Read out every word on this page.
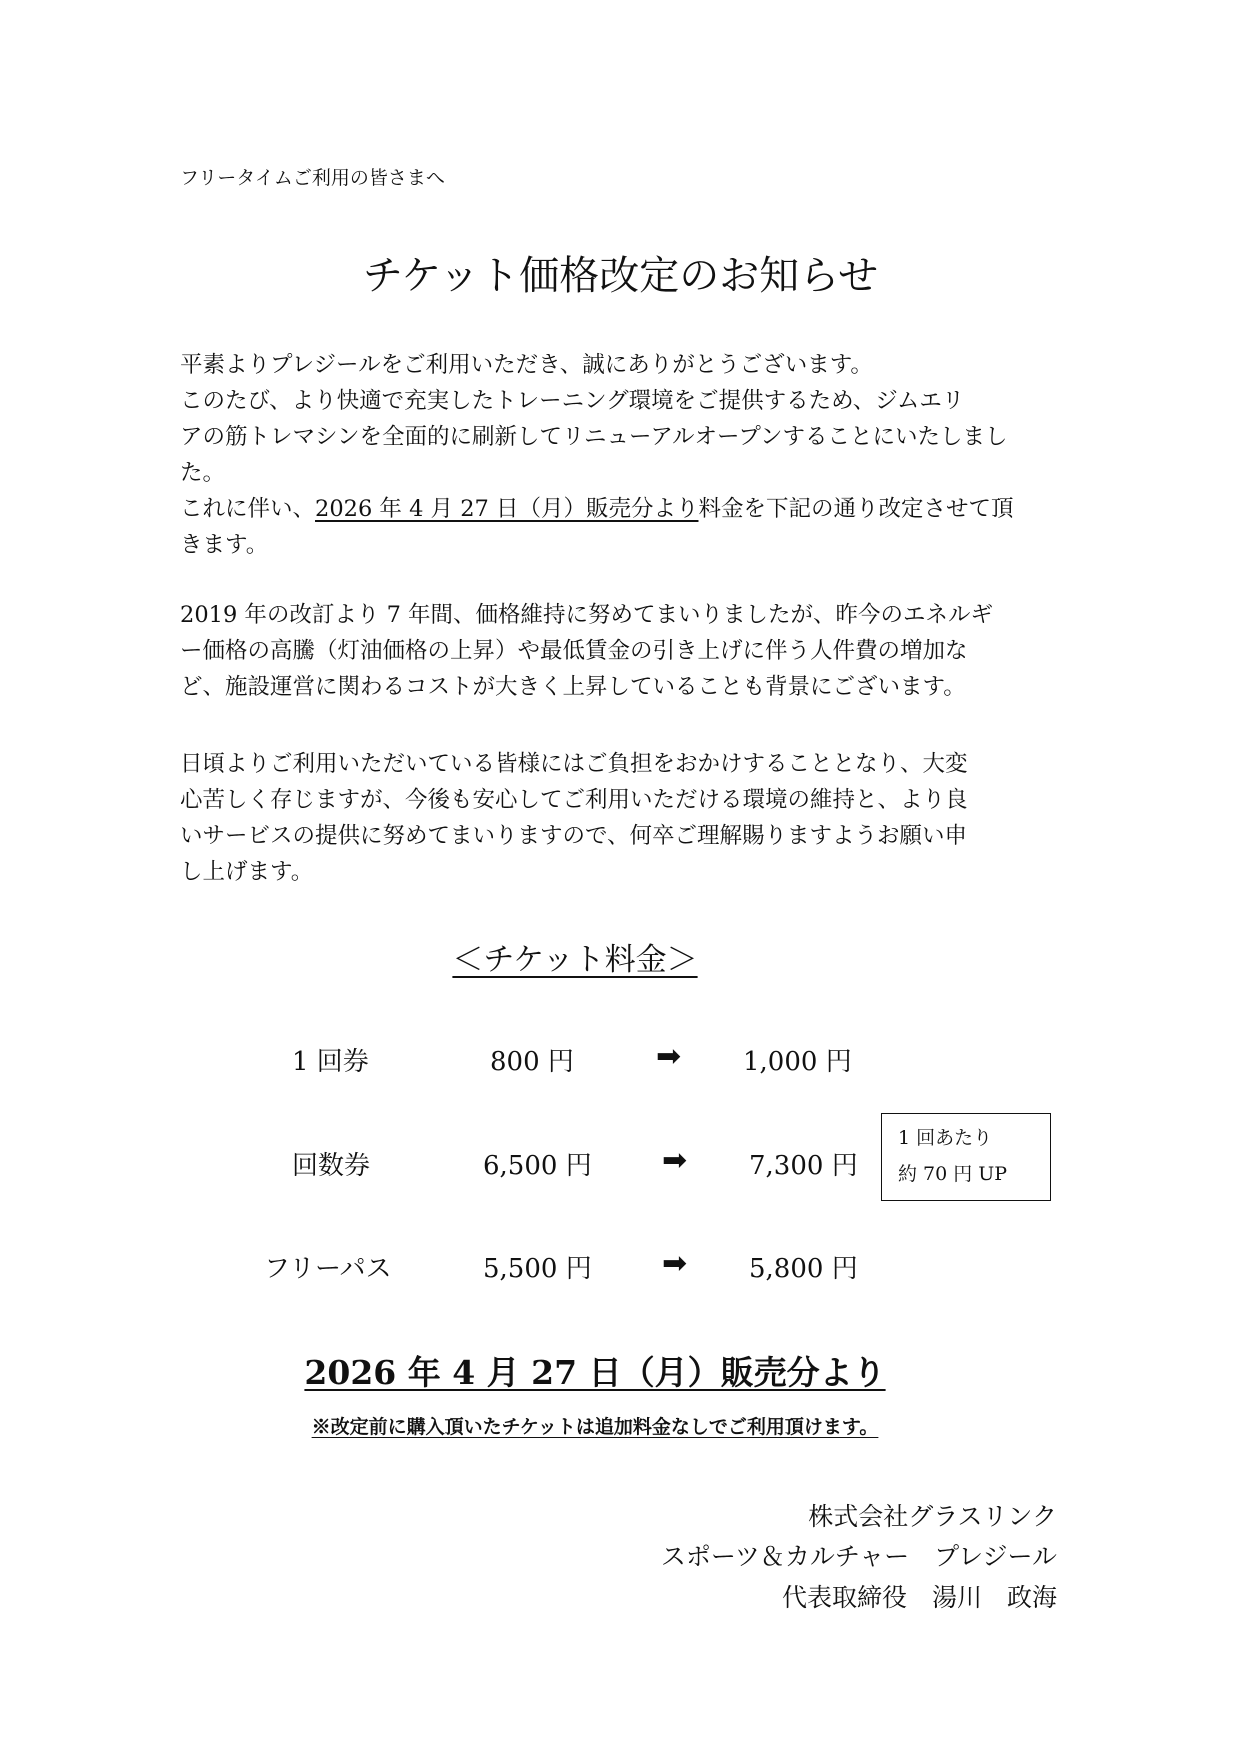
フリータイムご利用の皆さまへ
チケット価格改定のお知らせ
平素よりプレジールをご利用いただき、誠にありがとうございます。
このたび、より快適で充実したトレーニング環境をご提供するため、ジムエリ
アの筋トレマシンを全面的に刷新してリニューアルオープンすることにいたしまし
た。
これに伴い、2026 年 4 月 27 日（月）販売分より料金を下記の通り改定させて頂
きます。
2019 年の改訂より 7 年間、価格維持に努めてまいりましたが、昨今のエネルギ
ー価格の高騰（灯油価格の上昇）や最低賃金の引き上げに伴う人件費の増加な
ど、施設運営に関わるコストが大きく上昇していることも背景にございます。
日頃よりご利用いただいている皆様にはご負担をおかけすることとなり、大変
心苦しく存じますが、今後も安心してご利用いただける環境の維持と、より良
いサービスの提供に努めてまいりますので、何卒ご理解賜りますようお願い申
し上げます。
＜チケット料金＞
1 回券	800 円	➡ 1,000 円
回数券	6,500 円 ➡ 7,300 円
フリーパス	5,500 円 ➡ 5,800 円
1 回あたり
約 70 円 UP
2026 年 4 月 27 日（月）販売分より
※改定前に購入頂いたチケットは追加料金なしでご利用頂けます。
株式会社グラスリンク
スポーツ＆カルチャー　プレジール
代表取締役　湯川　政海
